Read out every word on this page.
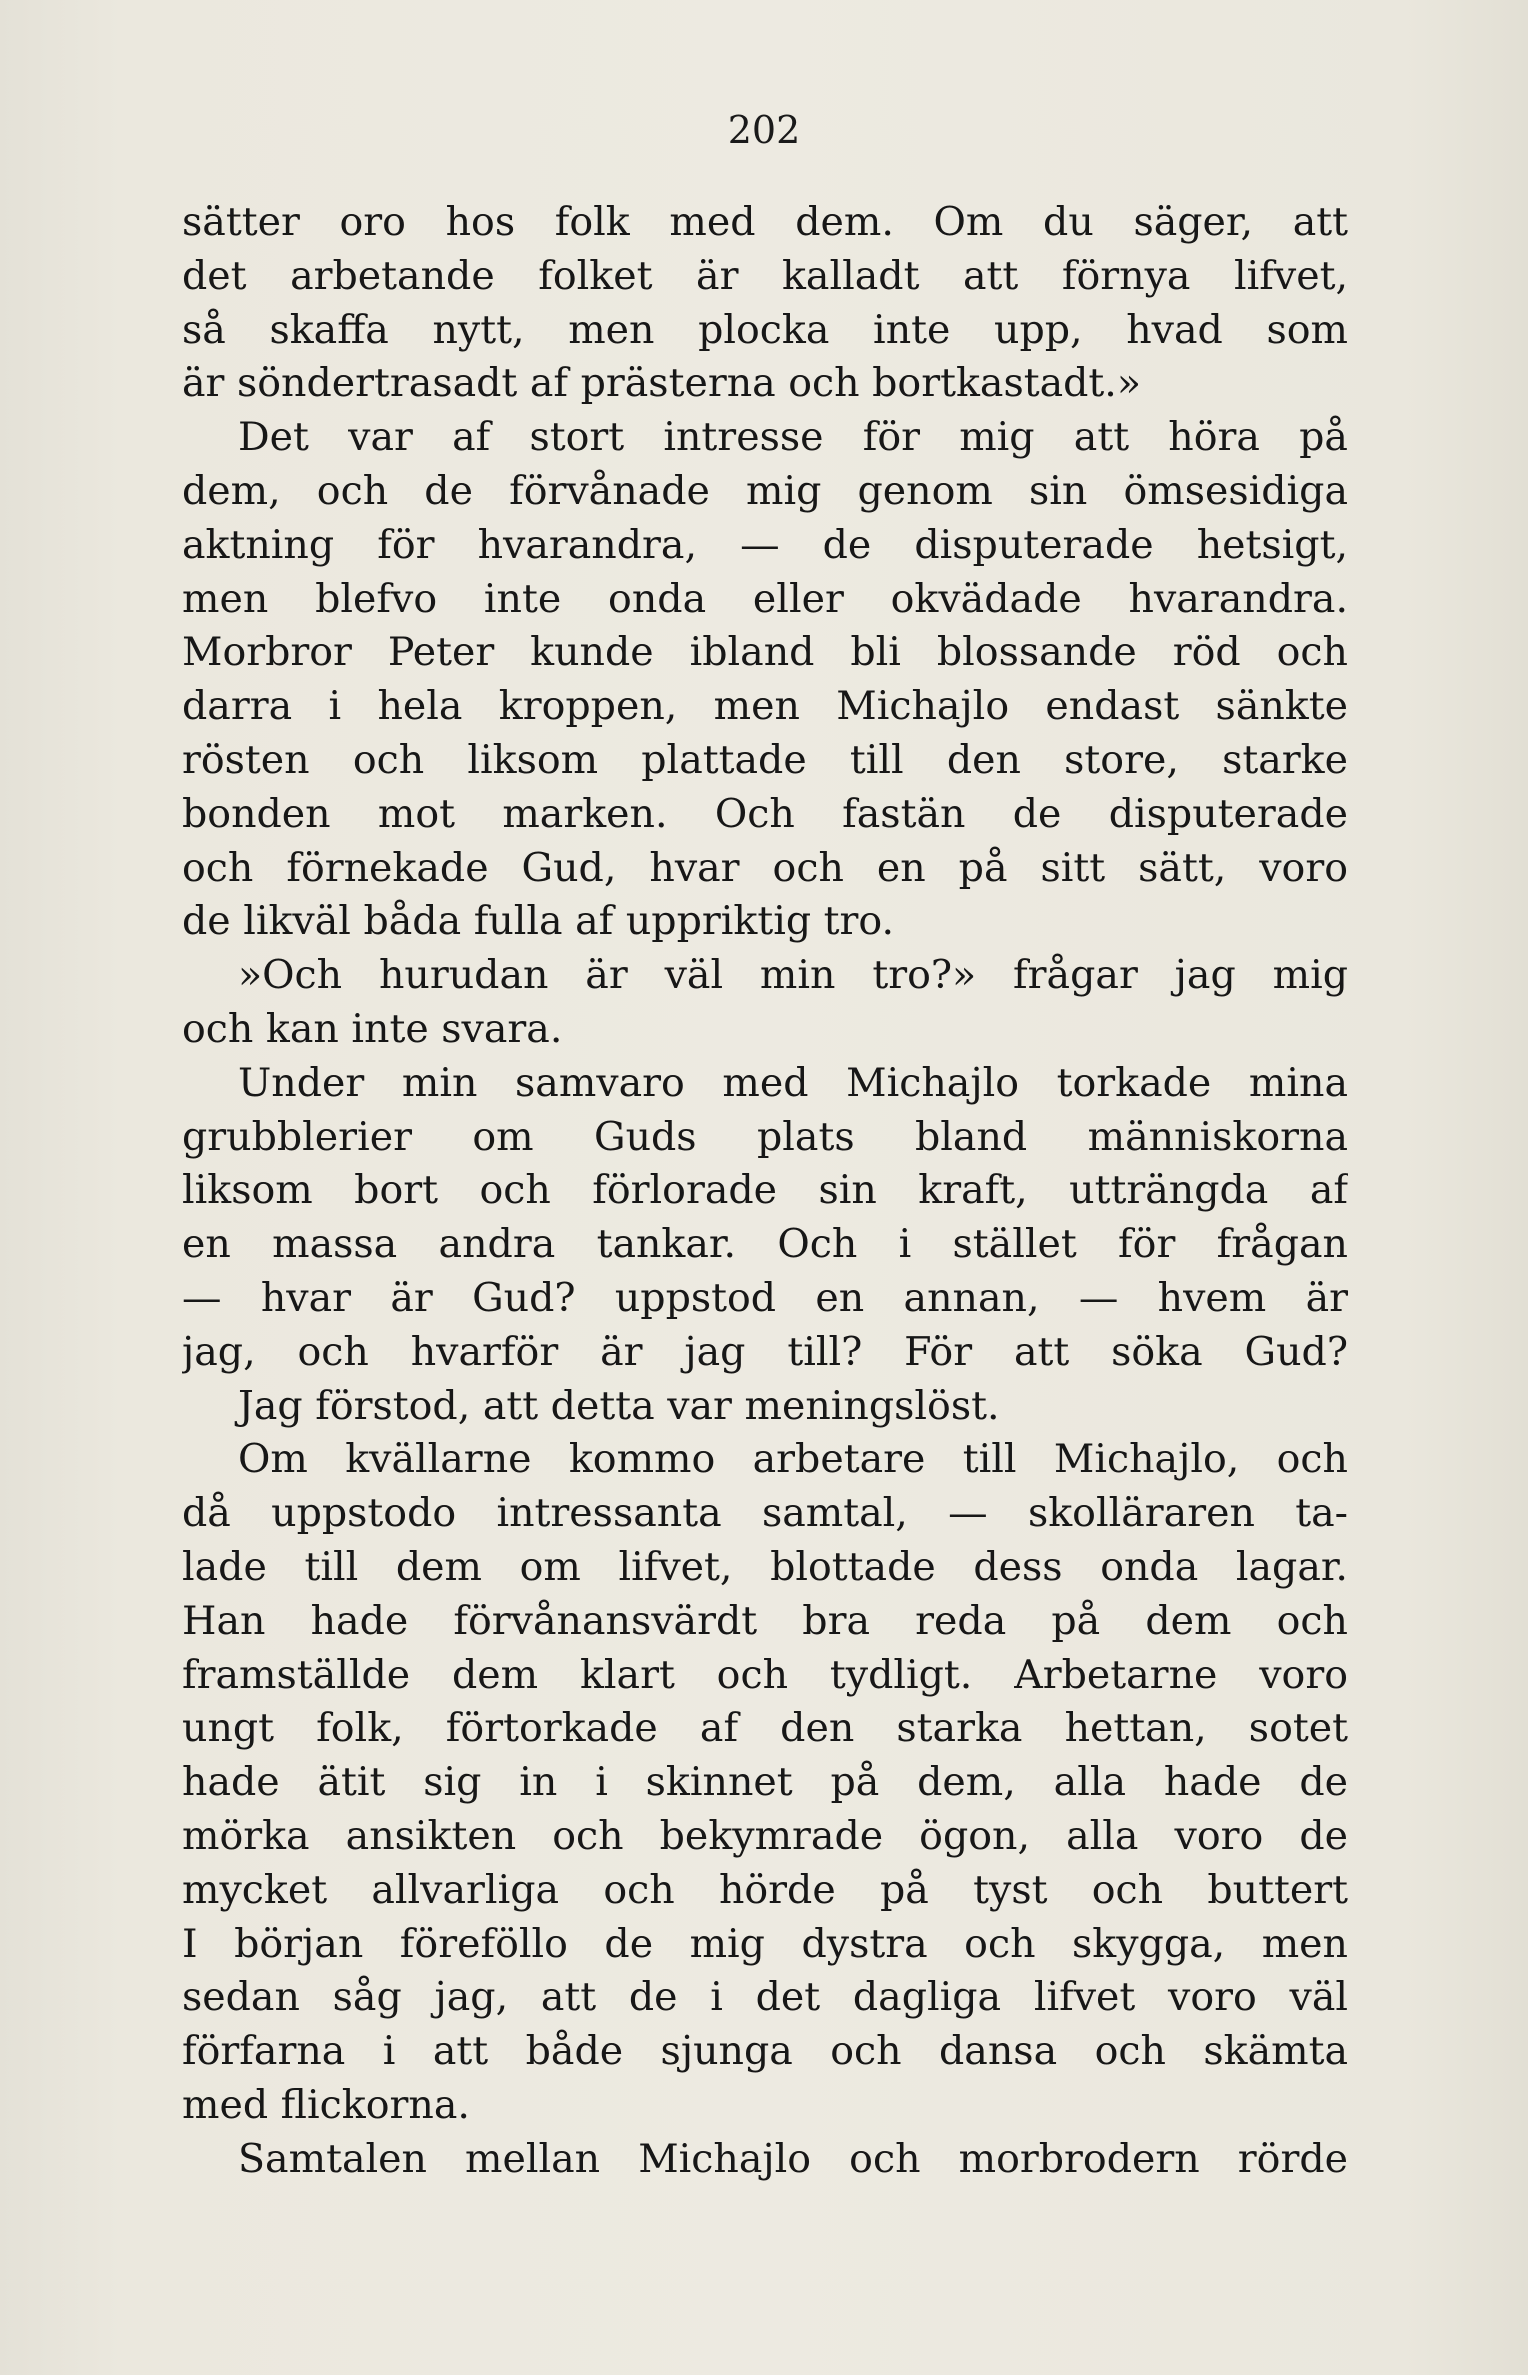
202

sätter oro hos folk med dem. Om du säger, att
det arbetande folket är kalladt att förnya lifvet,
så skaffa nytt, men plocka inte upp, hvad som
är söndertrasadt af prästerna och bortkastadt.»
Det var af stort intresse för mig att höra på
dem, och de förvånade mig genom sin ömsesidiga
aktning för hvarandra, — de disputerade hetsigt,
men blefvo inte onda eller okvädade hvarandra.
Morbror Peter kunde ibland bli blossande röd och
darra i hela kroppen, men Michajlo endast sänkte
rösten och liksom plattade till den store, starke
bonden mot marken. Och fastän de disputerade
och förnekade Gud, hvar och en på sitt sätt, voro
de likväl båda fulla af uppriktig tro.
»Och hurudan är väl min tro?» frågar jag mig
och kan inte svara.
Under min samvaro med Michajlo torkade mina
grubblerier om Guds plats bland människorna
liksom bort och förlorade sin kraft, utträngda af
en massa andra tankar. Och i stället för frågan
— hvar är Gud? uppstod en annan, — hvem är
jag, och hvarför är jag till? För att söka Gud?
Jag förstod, att detta var meningslöst.
Om kvällarne kommo arbetare till Michajlo, och
då uppstodo intressanta samtal, — skolläraren ta-
lade till dem om lifvet, blottade dess onda lagar.
Han hade förvånansvärdt bra reda på dem och
framställde dem klart och tydligt. Arbetarne voro
ungt folk, förtorkade af den starka hettan, sotet
hade ätit sig in i skinnet på dem, alla hade de
mörka ansikten och bekymrade ögon, alla voro de
mycket allvarliga och hörde på tyst och buttert
I början föreföllo de mig dystra och skygga, men
sedan såg jag, att de i det dagliga lifvet voro väl
förfarna i att både sjunga och dansa och skämta
med flickorna.
Samtalen mellan Michajlo och morbrodern rörde
